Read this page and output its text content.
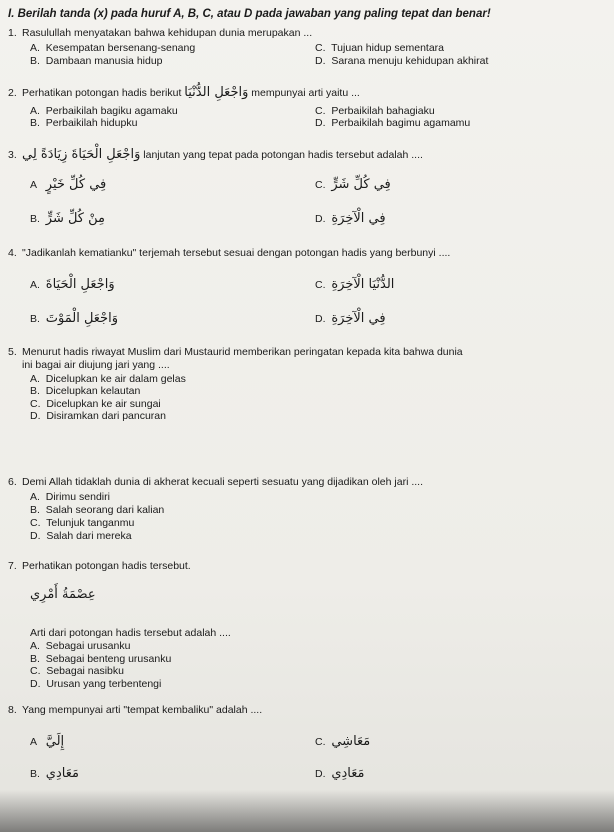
I. Berilah tanda (x) pada huruf A, B, C, atau D pada jawaban yang paling tepat dan benar!
1. Rasulullah menyatakan bahwa kehidupan dunia merupakan ...
A.  Kesempatan bersenang-senang	C.  Tujuan hidup sementara
B.  Dambaan manusia hidup	D.  Sarana menuju kehidupan akhirat
2. Perhatikan potongan hadis berikut وَاجْعَلِ الدُّنْيَا mempunyai arti yaitu ...
A.  Perbaikilah bagiku agamaku	C.  Perbaikilah bahagiaku
B.  Perbaikilah hidupku	D.  Perbaikilah bagimu agamamu
3. وَاجْعَلِ الْحَيَاةَ زِيَادَةً لِي lanjutan yang tepat pada potongan hadis tersebut adalah ....
A   فِي كُلِّ خَيْرٍ	C.  فِي كُلِّ شَرٍّ
B.  مِنْ كُلِّ شَرٍّ	D.  فِي الْآخِرَةِ
4. "Jadikanlah kematianku" terjemah tersebut sesuai dengan potongan hadis yang berbunyi ....
A.  وَاجْعَلِ الْحَيَاةَ	C.  الدُّنْيَا الْآخِرَةِ
B.  وَاجْعَلِ الْمَوْتَ	D.  فِي الْآخِرَةِ
5. Menurut hadis riwayat Muslim dari Mustaurid memberikan peringatan kepada kita bahwa dunia
ini bagai air diujung jari yang ....
A.  Dicelupkan ke air dalam gelas
B.  Dicelupkan kelautan
C.  Dicelupkan ke air sungai
D.  Disiramkan dari pancuran
6. Demi Allah tidaklah dunia di akherat kecuali seperti sesuatu yang dijadikan oleh jari ....
A.  Dirimu sendiri
B.  Salah seorang dari kalian
C.  Telunjuk tanganmu
D.  Salah dari mereka
7. Perhatikan potongan hadis tersebut.
عِصْمَةُ أَمْرِي
Arti dari potongan hadis tersebut adalah ....
A.  Sebagai urusanku
B.  Sebagai benteng urusanku
C.  Sebagai nasibku
D.  Urusan yang terbentengi
8. Yang mempunyai arti "tempat kembaliku" adalah ....
A   إِلَيَّ	C.  مَعَاشِي
B.  مَعَادِي	D.  مَعَادِي
